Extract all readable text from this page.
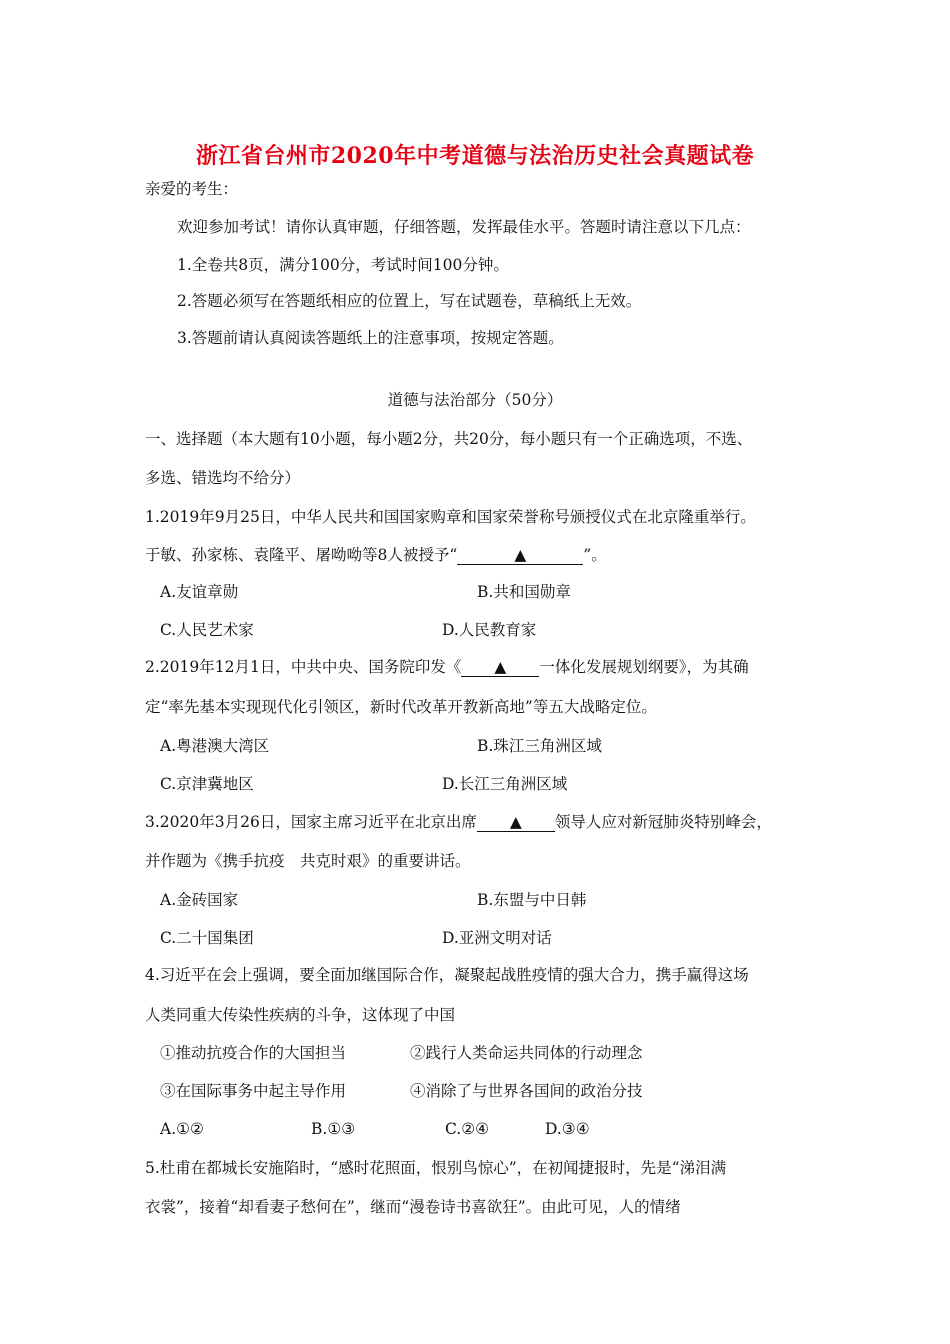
浙江省台州市2020年中考道德与法治历史社会真题试卷
亲爱的考生：
欢迎参加考试！请你认真审题，仔细答题，发挥最佳水平。答题时请注意以下几点：
1.全卷共8页，满分100分，考试时间100分钟。
2.答题必须写在答题纸相应的位置上，写在试题卷，草稿纸上无效。
3.答题前请认真阅读答题纸上的注意事项，按规定答题。
道德与法治部分（50分）
一、选择题（本大题有10小题，每小题2分，共20分，每小题只有一个正确选项，不选、
多选、错选均不给分）
1.2019年9月25日，中华人民共和国国家购章和国家荣誉称号颁授仪式在北京隆重举行。
于敏、孙家栋、袁隆平、屠呦呦等8人被授予“	▲	”。
A.友谊章勋	B.共和国勋章
C.人民艺术家	D.人民教育家
2.2019年12月1日，中共中央、国务院印发《 ▲ 一体化发展规划纲要》，为其确
定“率先基本实现现代化引领区，新时代改革开教新高地”等五大战略定位。
A.粤港澳大湾区	B.珠江三角洲区域
C.京津冀地区	D.长江三角洲区域
3.2020年3月26日，国家主席习近平在北京出席 ▲ 领导人应对新冠肺炎特别峰会，
并作题为《携手抗疫　共克时艰》的重要讲话。
A.金砖国家	B.东盟与中日韩
C.二十国集团	D.亚洲文明对话
4.习近平在会上强调，要全面加继国际合作，凝聚起战胜疫情的强大合力，携手赢得这场
人类同重大传染性疾病的斗争，这体现了中国
①推动抗疫合作的大国担当	②践行人类命运共同体的行动理念
③在国际事务中起主导作用	④消除了与世界各国间的政治分技
A.①②	B.①③	C.②④	D.③④
5.杜甫在都城长安施陷时，“感时花照面，恨别鸟惊心”，在初闻捷报时，先是“涕泪满
衣裳”，接着“却看妻子愁何在”，继而“漫卷诗书喜欲狂”。由此可见，人的情绪
